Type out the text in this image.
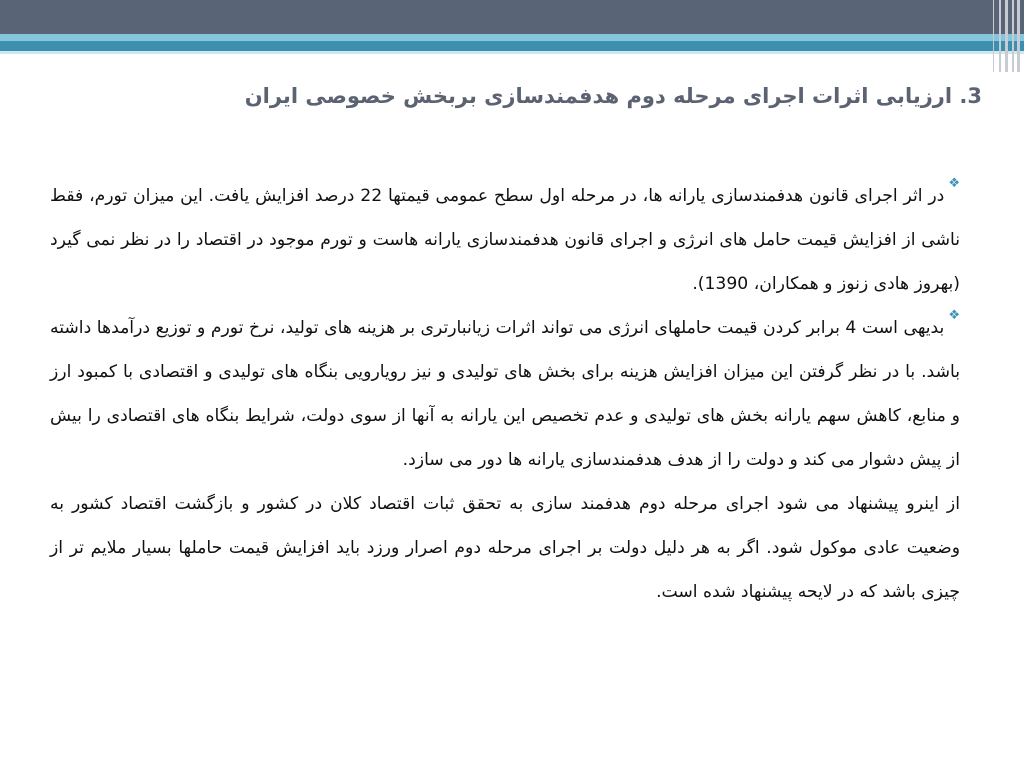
3. ارزیابی اثرات اجرای مرحله دوم هدفمندسازی بربخش خصوصی ایران

❖در اثر اجرای قانون هدفمندسازی یارانه ها، در مرحله اول سطح عمومی قیمتها 22 درصد افزایش یافت. این میزان تورم، فقط ناشی از افزایش قیمت حامل های انرژی و اجرای قانون هدفمندسازی یارانه هاست و تورم موجود در اقتصاد را در نظر نمی گیرد (بهروز هادی زنوز و همکاران، 1390).

❖بدیهی است 4 برابر کردن قیمت حاملهای انرژی می تواند اثرات زیانبارتری بر هزینه های تولید، نرخ تورم و توزیع درآمدها داشته باشد. با در نظر گرفتن این میزان افزایش هزینه برای بخش های تولیدی و نیز رویارویی بنگاه های تولیدی و اقتصادی با کمبود ارز و منابع، کاهش سهم یارانه بخش های تولیدی و عدم تخصیص این یارانه به آنها از سوی دولت، شرایط بنگاه های اقتصادی را بیش از پیش دشوار می کند و دولت را از هدف هدفمندسازی یارانه ها دور می سازد.

از اینرو پیشنهاد می شود اجرای مرحله دوم هدفمند سازی به تحقق ثبات اقتصاد کلان در کشور و بازگشت اقتصاد کشور به وضعیت عادی موکول شود. اگر به هر دلیل دولت بر اجرای مرحله دوم اصرار ورزد باید افزایش قیمت حاملها بسیار ملایم تر از چیزی باشد که در لایحه پیشنهاد شده است.
